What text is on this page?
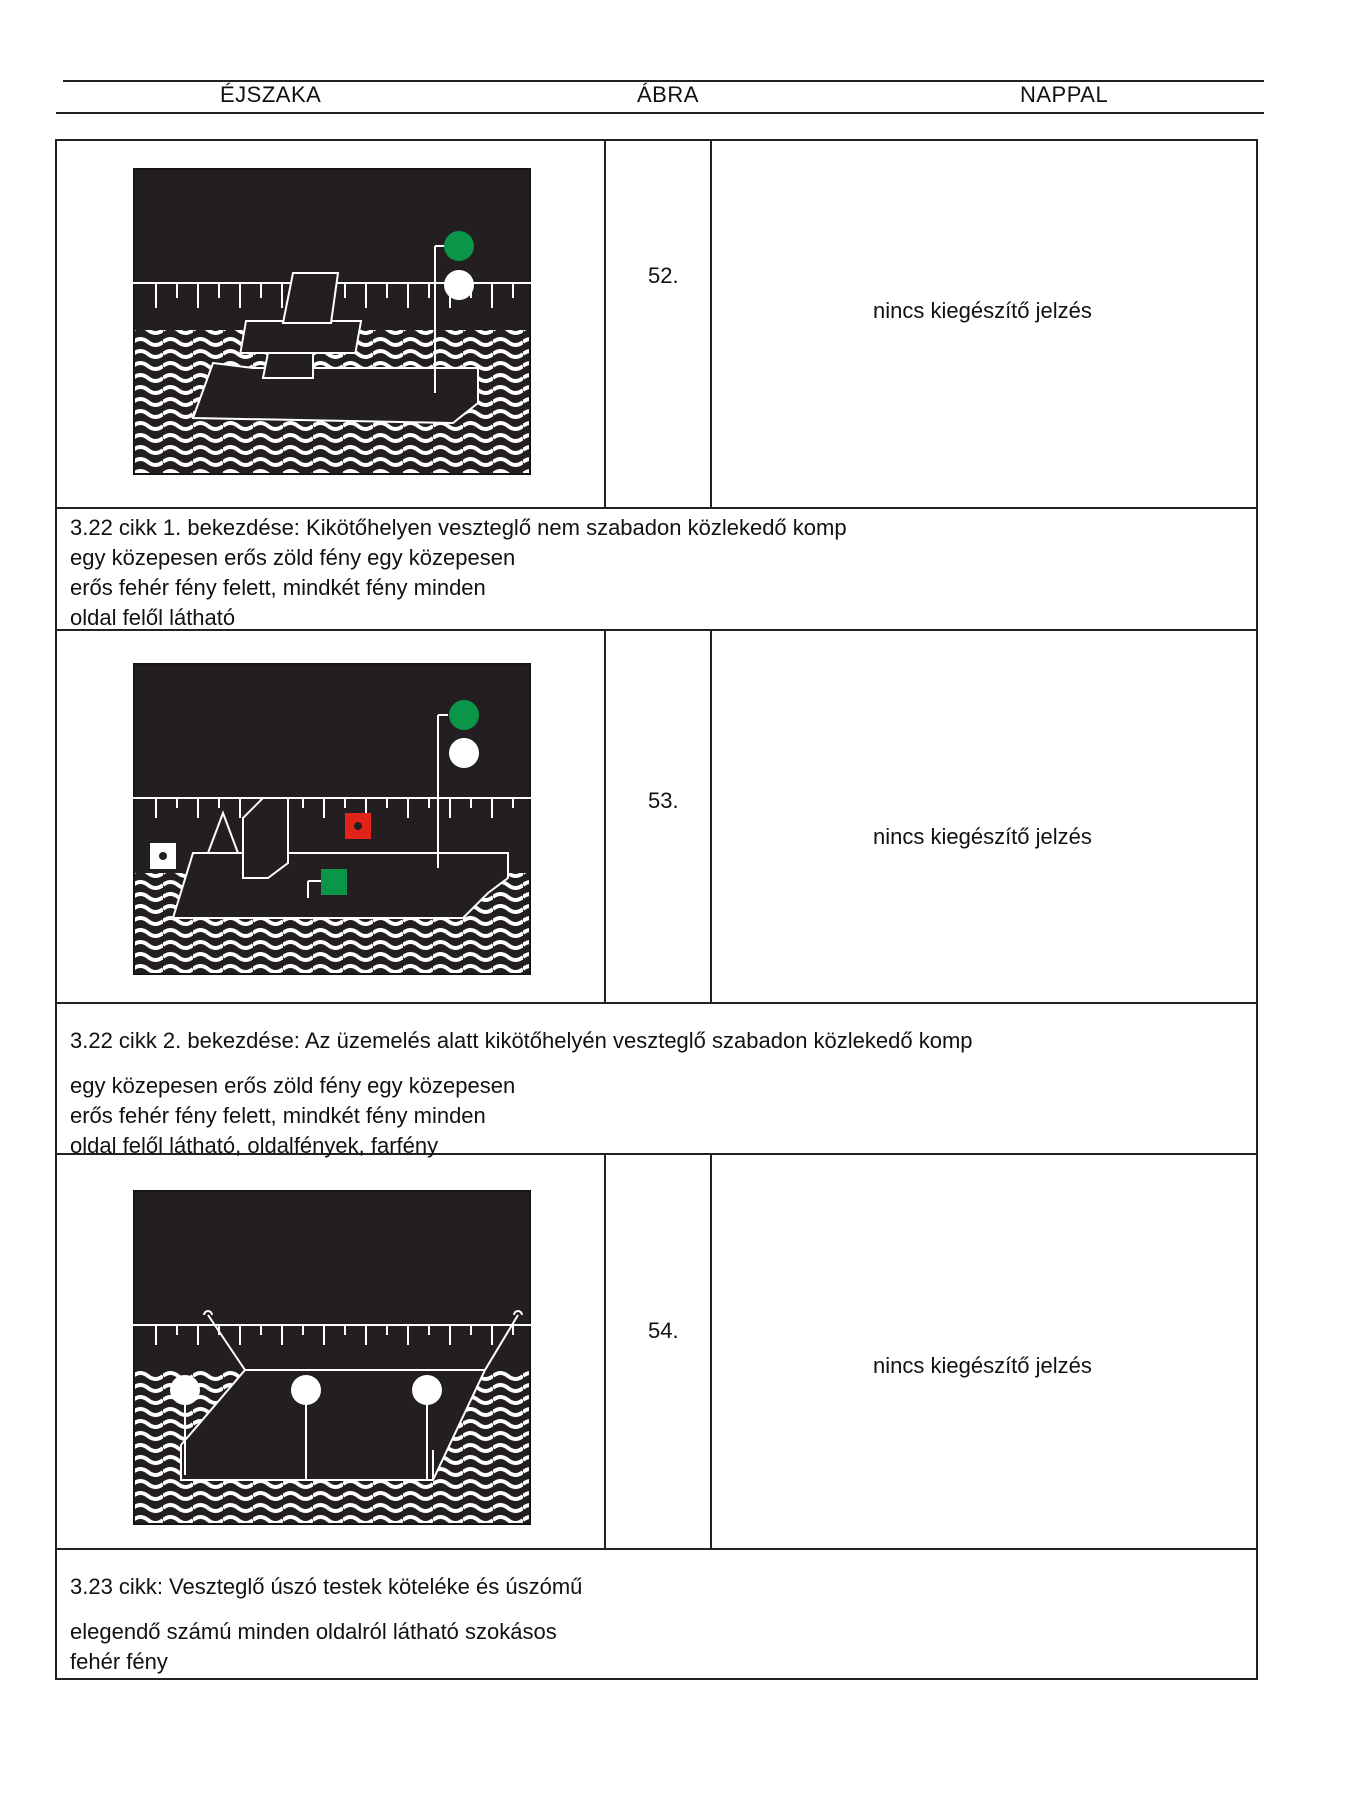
ÉJSZAKA	ÁBRA	NAPPAL
52.
nincs kiegészítő jelzés
3.22 cikk 1. bekezdése: Kikötőhelyen veszteglő nem szabadon közlekedő komp
egy közepesen erős zöld fény egy közepesen
erős fehér fény felett, mindkét fény minden
oldal felől látható
53.
nincs kiegészítő jelzés
3.22 cikk 2. bekezdése: Az üzemelés alatt kikötőhelyén veszteglő szabadon közlekedő komp
egy közepesen erős zöld fény egy közepesen
erős fehér fény felett, mindkét fény minden
oldal felől látható, oldalfények, farfény
54.
nincs kiegészítő jelzés
3.23 cikk: Veszteglő úszó testek köteléke és úszómű
elegendő számú minden oldalról látható szokásos
fehér fény
